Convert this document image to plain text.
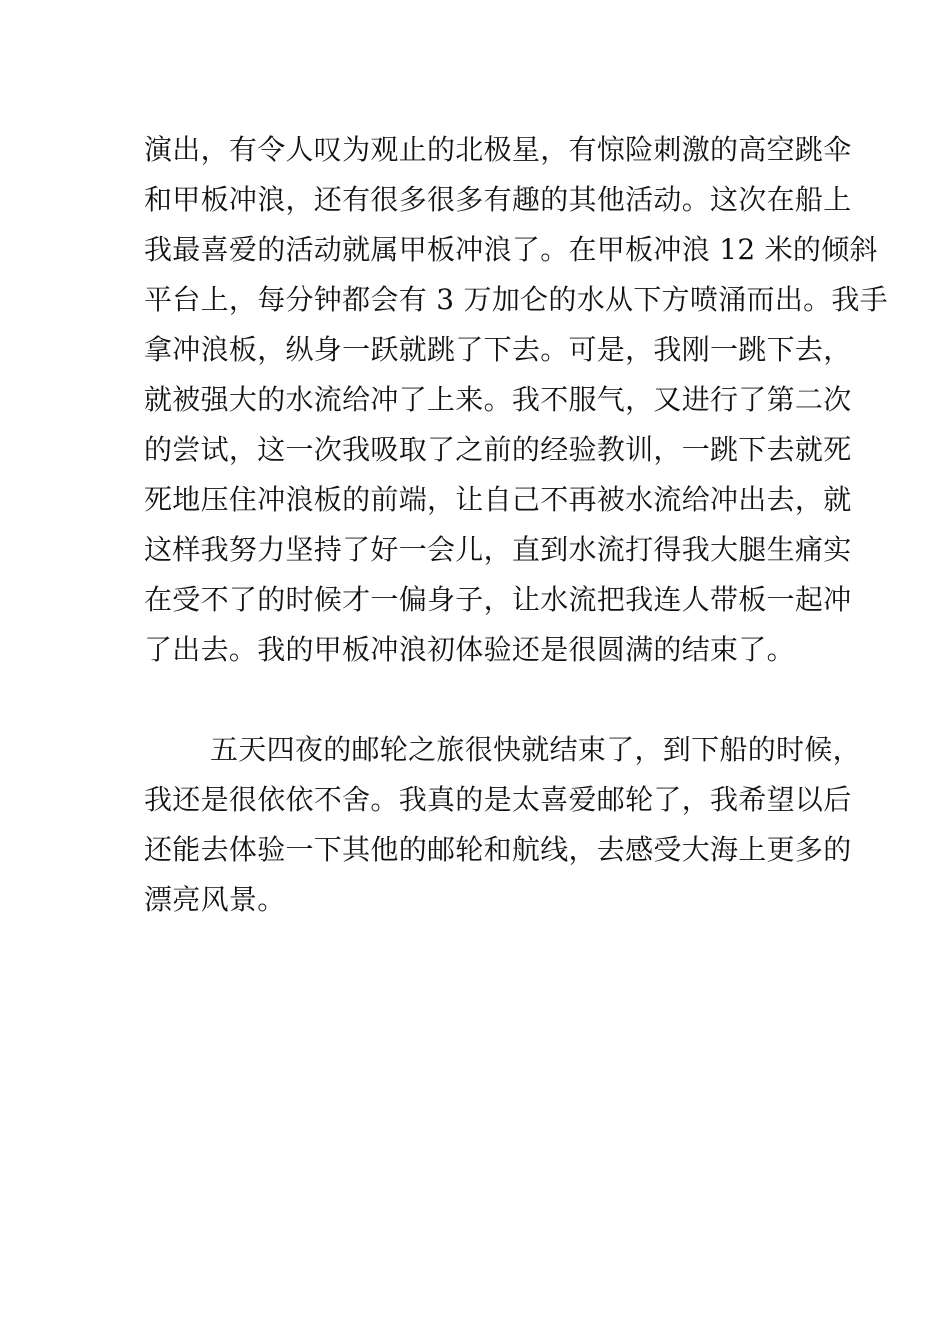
演出，有令人叹为观止的北极星，有惊险刺激的高空跳伞
和甲板冲浪，还有很多很多有趣的其他活动。这次在船上
我最喜爱的活动就属甲板冲浪了。在甲板冲浪 12 米的倾斜
平台上，每分钟都会有 3 万加仑的水从下方喷涌而出。我手
拿冲浪板，纵身一跃就跳了下去。可是，我刚一跳下去，
就被强大的水流给冲了上来。我不服气，又进行了第二次
的尝试，这一次我吸取了之前的经验教训，一跳下去就死
死地压住冲浪板的前端，让自己不再被水流给冲出去，就
这样我努力坚持了好一会儿，直到水流打得我大腿生痛实
在受不了的时候才一偏身子，让水流把我连人带板一起冲
了出去。我的甲板冲浪初体验还是很圆满的结束了。
五天四夜的邮轮之旅很快就结束了，到下船的时候，
我还是很依依不舍。我真的是太喜爱邮轮了，我希望以后
还能去体验一下其他的邮轮和航线，去感受大海上更多的
漂亮风景。
